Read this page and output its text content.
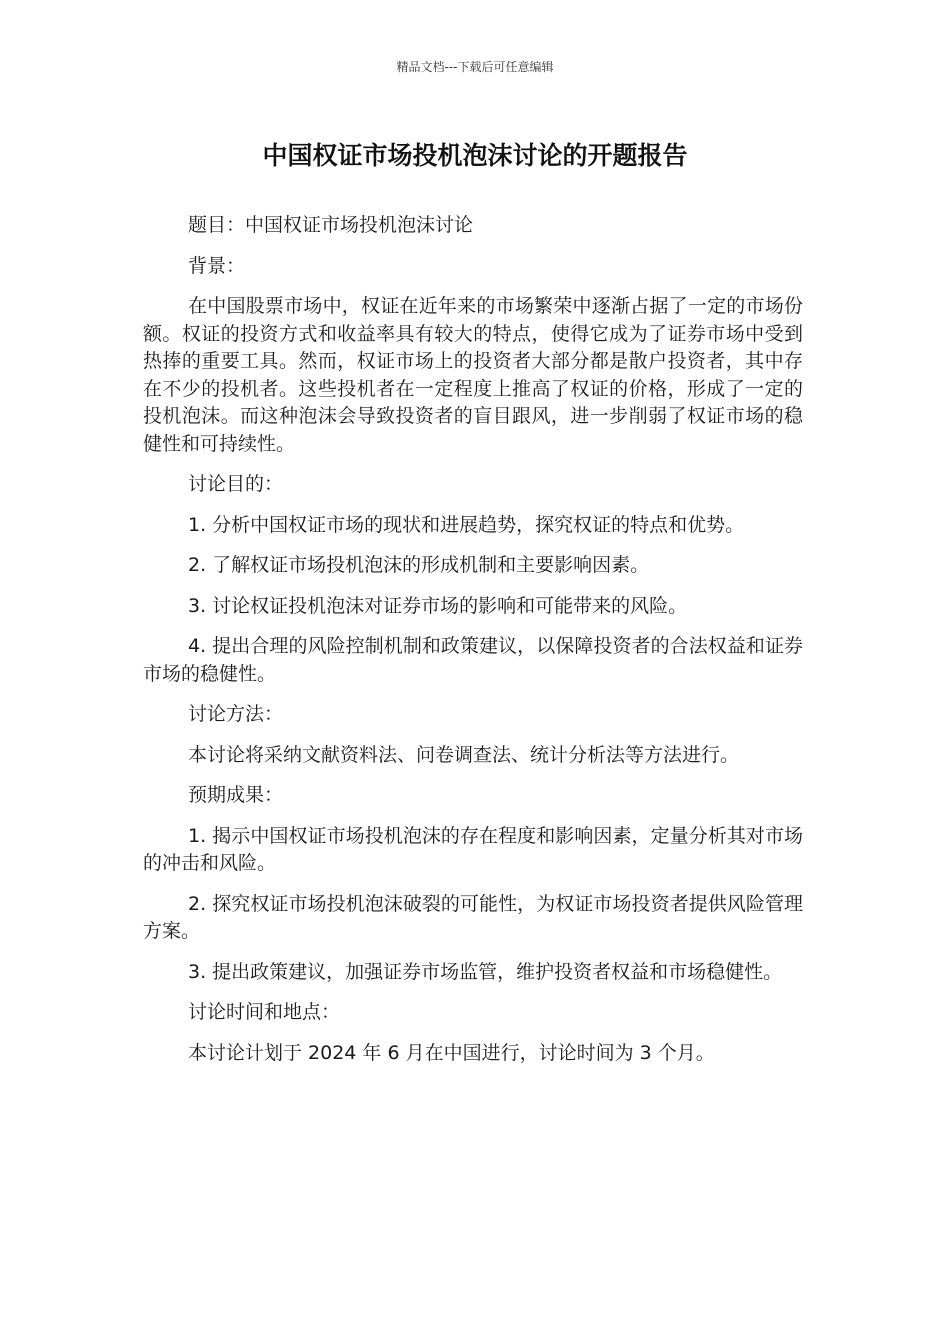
精品文档---下载后可任意编辑
中国权证市场投机泡沫讨论的开题报告

题目：中国权证市场投机泡沫讨论

背景：

在中国股票市场中，权证在近年来的市场繁荣中逐渐占据了一定的市场份额。权证的投资方式和收益率具有较大的特点，使得它成为了证券市场中受到热捧的重要工具。然而，权证市场上的投资者大部分都是散户投资者，其中存在不少的投机者。这些投机者在一定程度上推高了权证的价格，形成了一定的投机泡沫。而这种泡沫会导致投资者的盲目跟风，进一步削弱了权证市场的稳健性和可持续性。

讨论目的：

1. 分析中国权证市场的现状和进展趋势，探究权证的特点和优势。

2. 了解权证市场投机泡沫的形成机制和主要影响因素。

3. 讨论权证投机泡沫对证券市场的影响和可能带来的风险。

4. 提出合理的风险控制机制和政策建议，以保障投资者的合法权益和证券市场的稳健性。

讨论方法：

本讨论将采纳文献资料法、问卷调查法、统计分析法等方法进行。

预期成果：

1. 揭示中国权证市场投机泡沫的存在程度和影响因素，定量分析其对市场的冲击和风险。

2. 探究权证市场投机泡沫破裂的可能性，为权证市场投资者提供风险管理方案。

3. 提出政策建议，加强证券市场监管，维护投资者权益和市场稳健性。

讨论时间和地点：

本讨论计划于 2024 年 6 月在中国进行，讨论时间为 3 个月。
